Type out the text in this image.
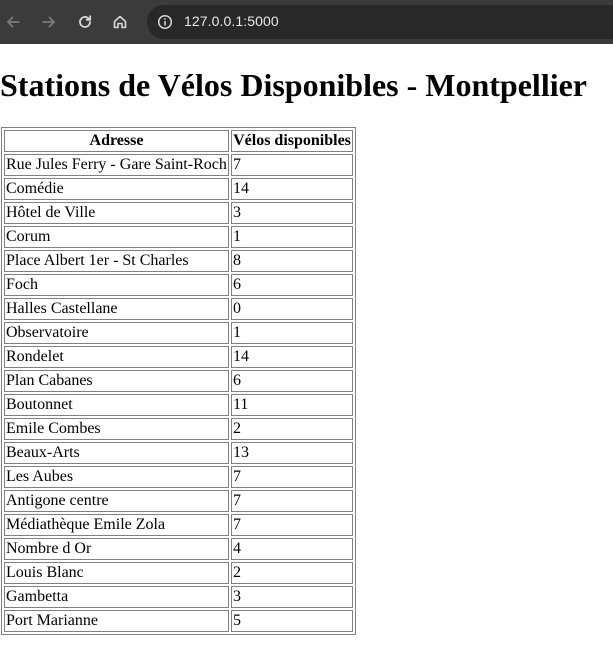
127.0.0.1:5000
Stations de Vélos Disponibles - Montpellier
Adresse	Vélos disponibles
Rue Jules Ferry - Gare Saint-Roch	7
Comédie	14
Hôtel de Ville	3
Corum	1
Place Albert 1er - St Charles	8
Foch	6
Halles Castellane	0
Observatoire	1
Rondelet	14
Plan Cabanes	6
Boutonnet	11
Emile Combes	2
Beaux-Arts	13
Les Aubes	7
Antigone centre	7
Médiathèque Emile Zola	7
Nombre d Or	4
Louis Blanc	2
Gambetta	3
Port Marianne	5
